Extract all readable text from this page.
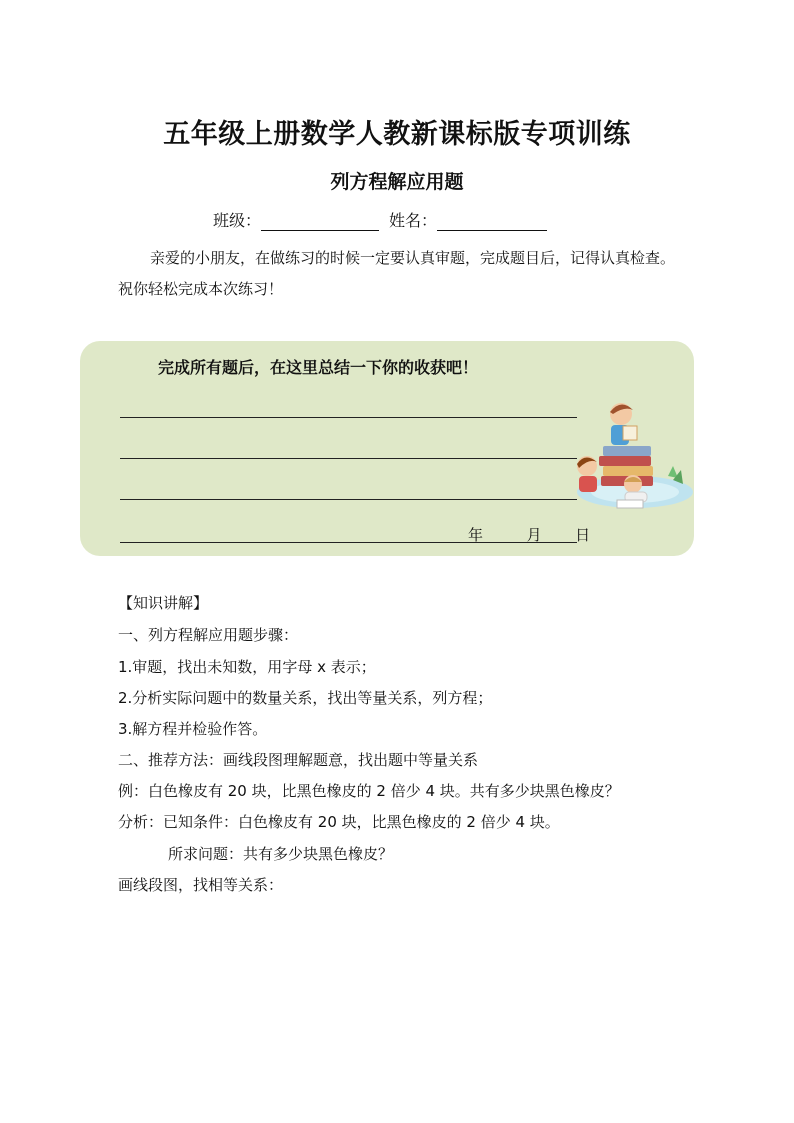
五年级上册数学人教新课标版专项训练
列方程解应用题
班级：	姓名：
亲爱的小朋友，在做练习的时候一定要认真审题，完成题目后，记得认真检查。祝你轻松完成本次练习！
完成所有题后，在这里总结一下你的收获吧！
年	月 日
【知识讲解】
一、列方程解应用题步骤：
1.审题，找出未知数，用字母 x 表示；
2.分析实际问题中的数量关系，找出等量关系，列方程；
3.解方程并检验作答。
二、推荐方法：画线段图理解题意，找出题中等量关系
例：白色橡皮有 20 块，比黑色橡皮的 2 倍少 4 块。共有多少块黑色橡皮？
分析：已知条件：白色橡皮有 20 块，比黑色橡皮的 2 倍少 4 块。
所求问题：共有多少块黑色橡皮？
画线段图，找相等关系：
